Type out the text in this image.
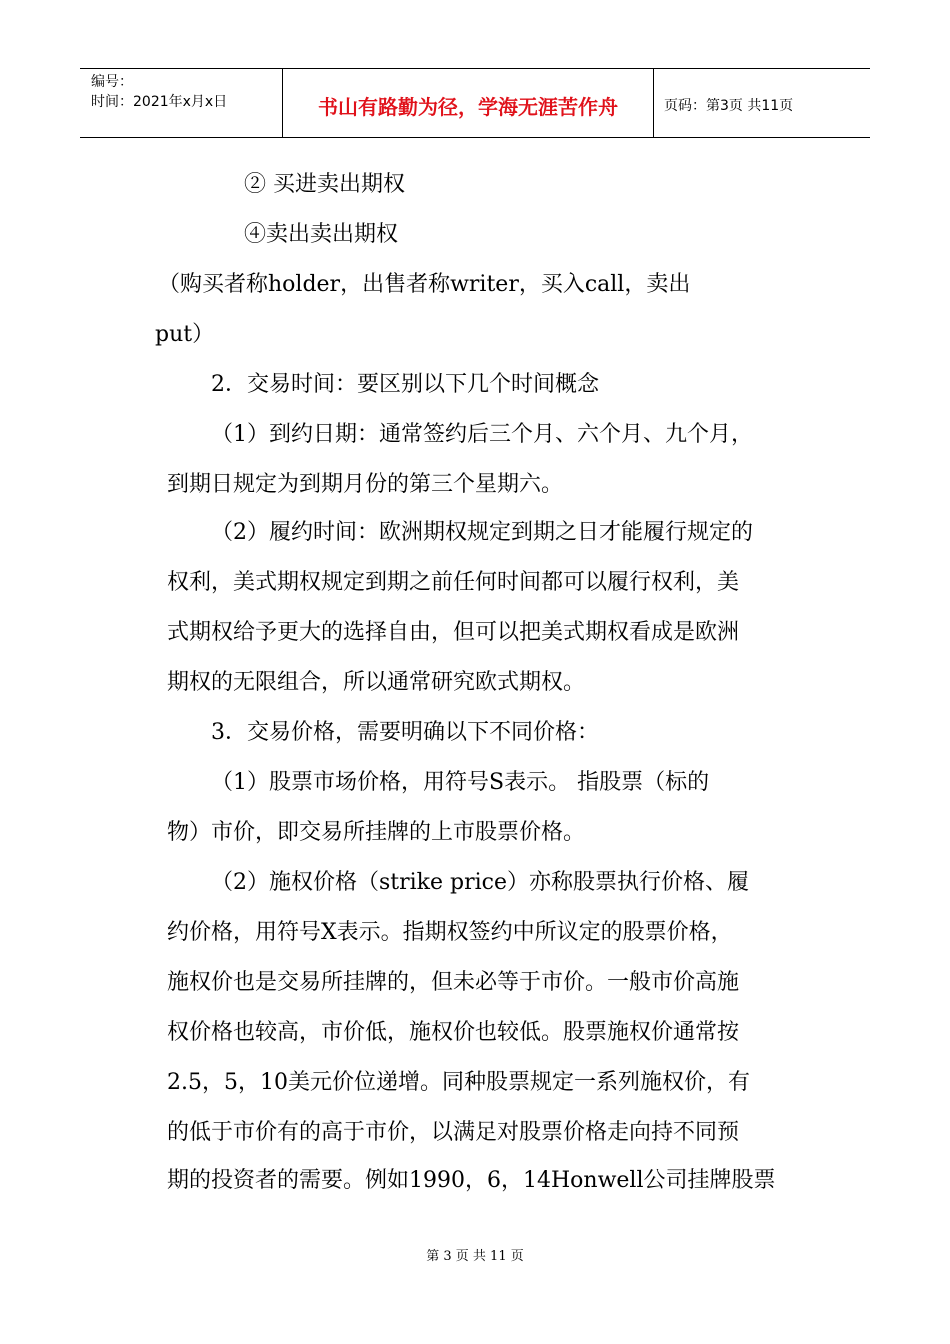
编号：
时间：2021年x月x日	书山有路勤为径，学海无涯苦作舟	页码：第3页 共11页
② 买进卖出期权
④卖出卖出期权
（购买者称holder，出售者称writer，买入call，卖出
put）
2．交易时间：要区别以下几个时间概念
（1）到约日期：通常签约后三个月、六个月、九个月，
到期日规定为到期月份的第三个星期六。
（2）履约时间：欧洲期权规定到期之日才能履行规定的
权利，美式期权规定到期之前任何时间都可以履行权利，美
式期权给予更大的选择自由，但可以把美式期权看成是欧洲
期权的无限组合，所以通常研究欧式期权。
3．交易价格，需要明确以下不同价格：
（1）股票市场价格，用符号S表示。 指股票（标的
物）市价，即交易所挂牌的上市股票价格。
（2）施权价格（strike price）亦称股票执行价格、履
约价格，用符号X表示。指期权签约中所议定的股票价格，
施权价也是交易所挂牌的，但未必等于市价。一般市价高施
权价格也较高，市价低，施权价也较低。股票施权价通常按
2.5，5，10美元价位递增。同种股票规定一系列施权价，有
的低于市价有的高于市价，以满足对股票价格走向持不同预
期的投资者的需要。例如1990，6，14Honwell公司挂牌股票
第 3 页 共 11 页
